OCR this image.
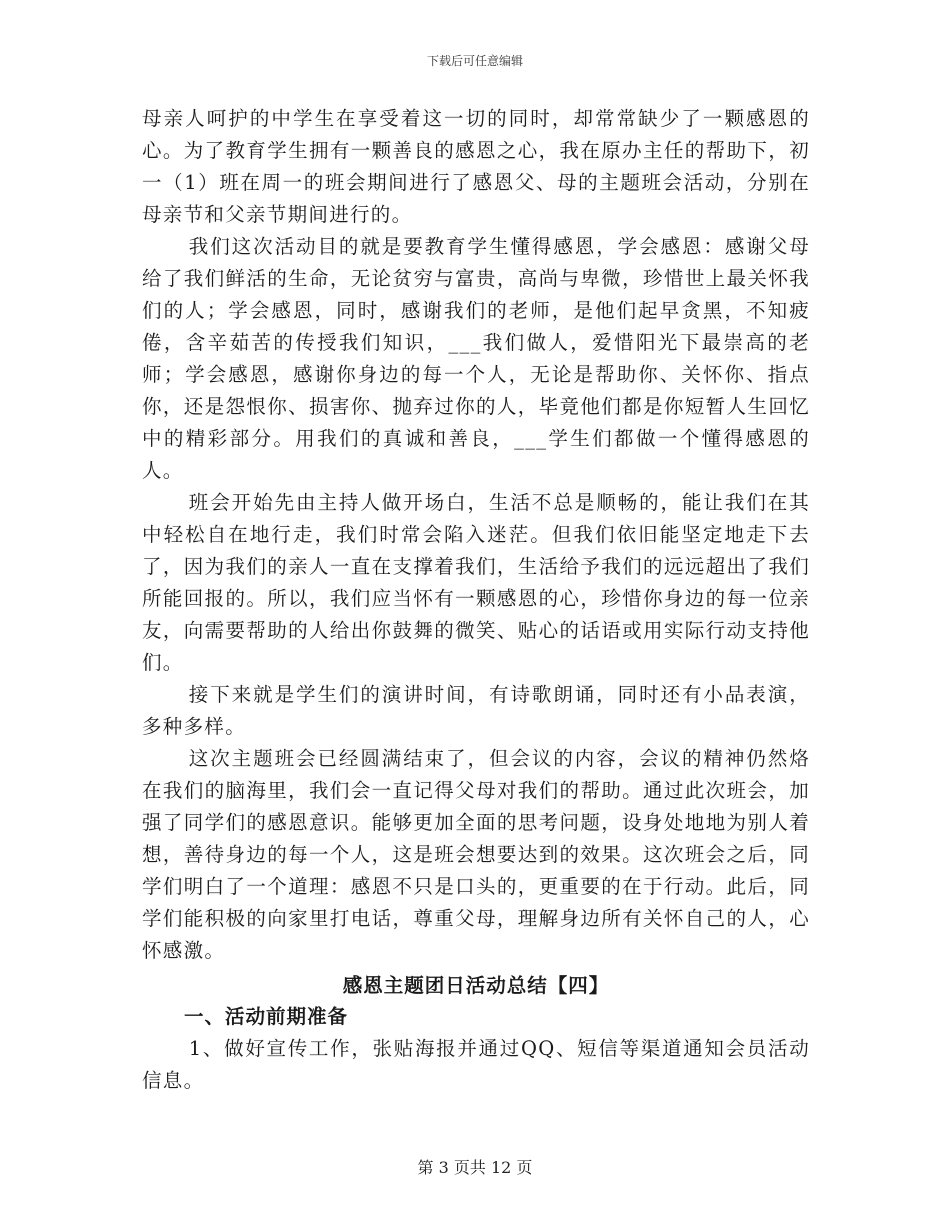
下载后可任意编辑

母亲人呵护的中学生在享受着这一切的同时，却常常缺少了一颗感恩的心。为了教育学生拥有一颗善良的感恩之心，我在原办主任的帮助下，初一（1）班在周一的班会期间进行了感恩父、母的主题班会活动，分别在母亲节和父亲节期间进行的。

我们这次活动目的就是要教育学生懂得感恩，学会感恩：感谢父母给了我们鲜活的生命，无论贫穷与富贵，高尚与卑微，珍惜世上最关怀我们的人；学会感恩，同时，感谢我们的老师，是他们起早贪黑，不知疲倦，含辛茹苦的传授我们知识，___我们做人，爱惜阳光下最崇高的老师；学会感恩，感谢你身边的每一个人，无论是帮助你、关怀你、指点你，还是怨恨你、损害你、抛弃过你的人，毕竟他们都是你短暂人生回忆中的精彩部分。用我们的真诚和善良，___学生们都做一个懂得感恩的人。

班会开始先由主持人做开场白，生活不总是顺畅的，能让我们在其中轻松自在地行走，我们时常会陷入迷茫。但我们依旧能坚定地走下去了，因为我们的亲人一直在支撑着我们，生活给予我们的远远超出了我们所能回报的。所以，我们应当怀有一颗感恩的心，珍惜你身边的每一位亲友，向需要帮助的人给出你鼓舞的微笑、贴心的话语或用实际行动支持他们。

接下来就是学生们的演讲时间，有诗歌朗诵，同时还有小品表演，多种多样。

这次主题班会已经圆满结束了，但会议的内容，会议的精神仍然烙在我们的脑海里，我们会一直记得父母对我们的帮助。通过此次班会，加强了同学们的感恩意识。能够更加全面的思考问题，设身处地地为别人着想，善待身边的每一个人，这是班会想要达到的效果。这次班会之后，同学们明白了一个道理：感恩不只是口头的，更重要的在于行动。此后，同学们能积极的向家里打电话，尊重父母，理解身边所有关怀自己的人，心怀感激。

感恩主题团日活动总结【四】
一、活动前期准备

1、做好宣传工作，张贴海报并通过QQ、短信等渠道通知会员活动信息。

第 3 页共 12 页
